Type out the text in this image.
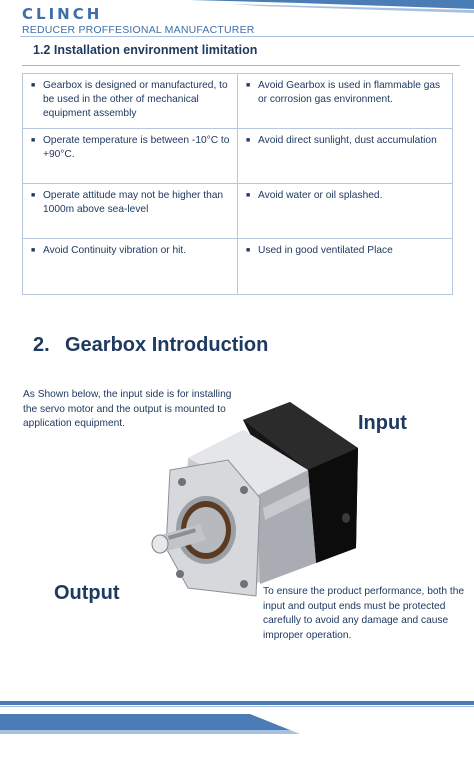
CLINCH
REDUCER PROFFESIONAL MANUFACTURER
1.2 Installation environment limitation
■ Gearbox is designed or manufactured, to be used in the other of mechanical equipment assembly	■ Avoid Gearbox is used in flammable gas or corrosion gas environment.

■ Operate temperature is between -10°C to +90°C.	■ Avoid direct sunlight, dust accumulation

■ Operate attitude may not be higher than 1000m above sea-level	■ Avoid water or oil splashed.

■ Avoid Continuity vibration or hit.	■ Used in good ventilated Place
2. Gearbox Introduction
As Shown below, the input side is for installing the servo motor and the output is mounted to application equipment.	Input
Output	To ensure the product performance, both the input and output ends must be protected carefully to avoid any damage and cause improper operation.
